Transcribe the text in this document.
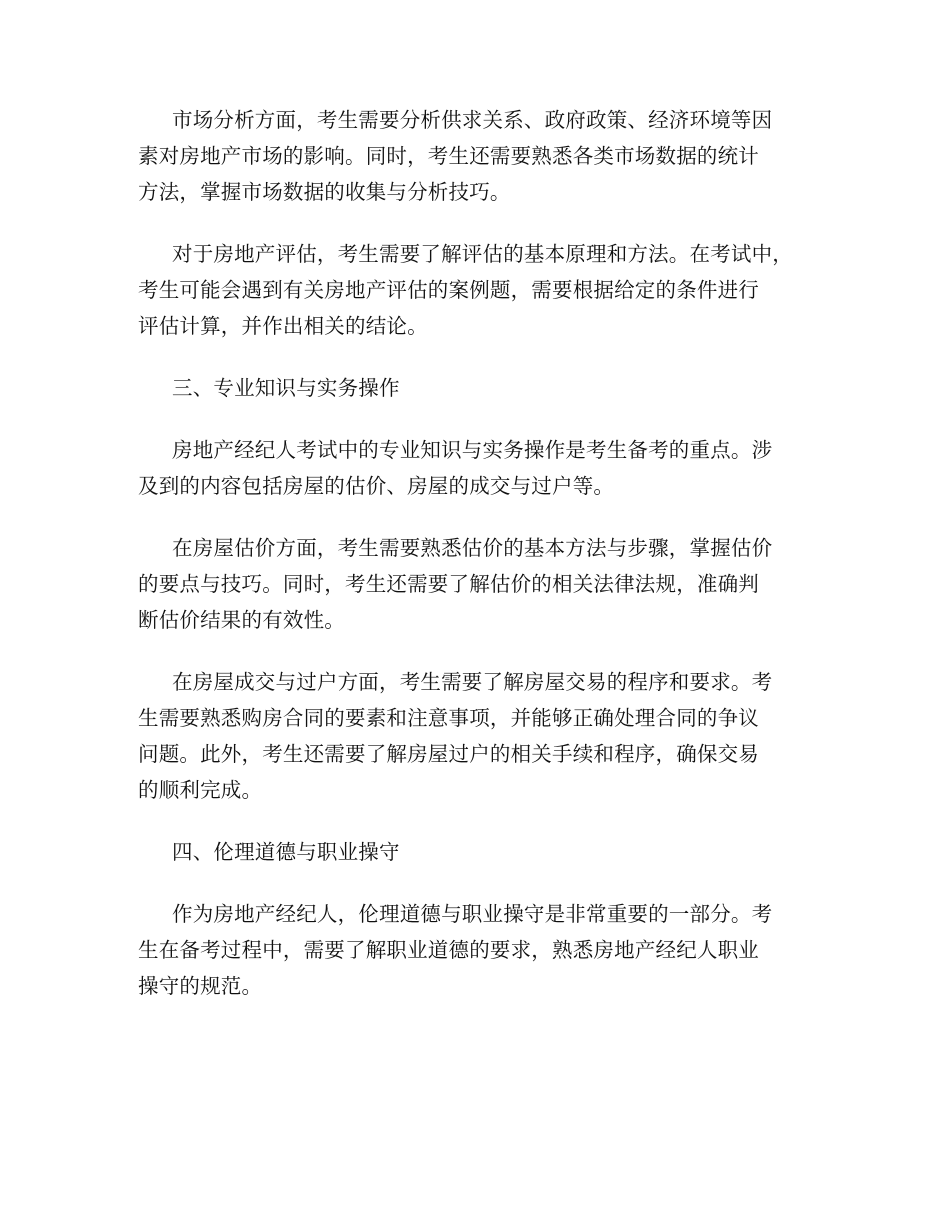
市场分析方面，考生需要分析供求关系、政府政策、经济环境等因
素对房地产市场的影响。同时，考生还需要熟悉各类市场数据的统计
方法，掌握市场数据的收集与分析技巧。
对于房地产评估，考生需要了解评估的基本原理和方法。在考试中，
考生可能会遇到有关房地产评估的案例题，需要根据给定的条件进行
评估计算，并作出相关的结论。
三、专业知识与实务操作
房地产经纪人考试中的专业知识与实务操作是考生备考的重点。涉
及到的内容包括房屋的估价、房屋的成交与过户等。
在房屋估价方面，考生需要熟悉估价的基本方法与步骤，掌握估价
的要点与技巧。同时，考生还需要了解估价的相关法律法规，准确判
断估价结果的有效性。
在房屋成交与过户方面，考生需要了解房屋交易的程序和要求。考
生需要熟悉购房合同的要素和注意事项，并能够正确处理合同的争议
问题。此外，考生还需要了解房屋过户的相关手续和程序，确保交易
的顺利完成。
四、伦理道德与职业操守
作为房地产经纪人，伦理道德与职业操守是非常重要的一部分。考
生在备考过程中，需要了解职业道德的要求，熟悉房地产经纪人职业
操守的规范。
